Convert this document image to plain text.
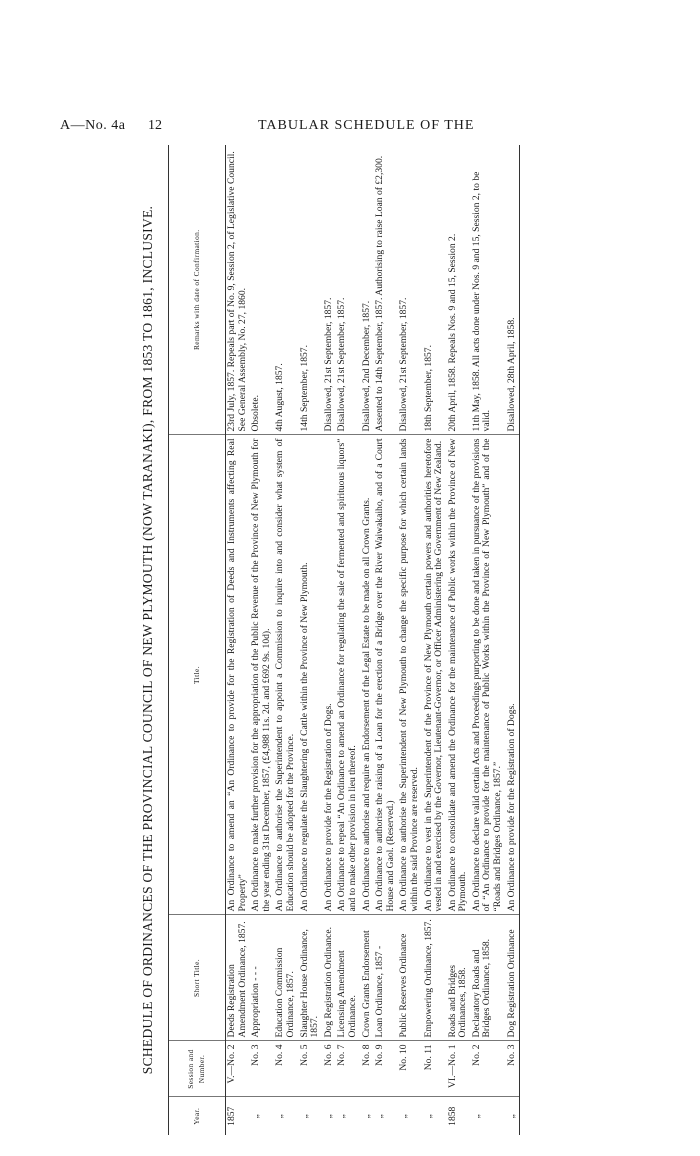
A—No. 4a 12	TABULAR SCHEDULE OF THE
SCHEDULE OF ORDINANCES OF THE PROVINCIAL COUNCIL OF NEW PLYMOUTH (NOW TARANAKI), FROM 1853 TO 1861, INCLUSIVE.
Year.	Session and Number.	Short Title.	Title.	Remarks with date of Confirmation.
1857	V.—No. 2	Deeds Registration Amendment Ordinance, 1857.	An Ordinance to amend an “An Ordinance to provide for the Registration of Deeds and Instruments affecting Real Property”	23rd July, 1857. Repeals part of No. 9, Session 2, of Legislative Council. See General Assembly, No. 27, 1860.
„	No. 3	Appropriation - - -	An Ordinance to make further provision for the appropriation of the Public Revenue of the Province of New Plymouth for the year ending 31st December, 1857, (£4,988 11s. 2d. and £692 9s. 10d).	Obsolete.
„	No. 4	Education Commission Ordinance, 1857.	An Ordinance to authorise the Superintendent to appoint a Commission to inquire into and consider what system of Education should be adopted for the Province.	4th August, 1857.
„	No. 5	Slaughter House Ordinance, 1857.	An Ordinance to regulate the Slaughtering of Cattle within the Province of New Plymouth.	14th September, 1857.
„	No. 6	Dog Registration Ordinance.	An Ordinance to provide for the Registration of Dogs.	Disallowed, 21st September, 1857.
„	No. 7	Licensing Amendment Ordinance.	An Ordinance to repeal “An Ordinance to amend an Ordinance for regulating the sale of fermented and spirituous liquors” and to make other provision in lieu thereof.	Disallowed, 21st September, 1857.
„	No. 8	Crown Grants Endorsement	An Ordinance to authorise and require an Endorsement of the Legal Estate to be made on all Crown Grants.	Disallowed, 2nd December, 1857.
„	No. 9	Loan Ordinance, 1857 -	An Ordinance to authorise the raising of a Loan for the erection of a Bridge over the River Waiwakaiho, and of a Court House and Gaol. (Reserved.)	Assented to 14th September, 1857. Authorising to raise Loan of £2,300.
„	No. 10	Public Reserves Ordinance	An Ordinance to authorise the Superintendent of New Plymouth to change the specific purpose for which certain lands within the said Province are reserved.	Disallowed, 21st September, 1857.
„	No. 11	Empowering Ordinance, 1857.	An Ordinance to vest in the Superintendent of the Province of New Plymouth certain powers and authorities heretofore vested in and exercised by the Governor, Lieutenant-Governor, or Officer Administering the Government of New Zealand.	18th September, 1857.
1858	VI.—No. 1	Roads and Bridges Ordinances, 1858.	An Ordinance to consolidate and amend the Ordinance for the maintenance of Public works within the Province of New Plymouth.	20th April, 1858. Repeals Nos. 9 and 15, Session 2.
„	No. 2	Declaratory Roads and Bridges Ordinance, 1858.	An Ordinance to declare valid certain Acts and Proceedings purporting to be done and taken in pursuance of the provisions of “An Ordinance to provide for the maintenance of Public Works within the Province of New Plymouth” and of the “Roads and Bridges Ordinance, 1857.”	11th May, 1858. All acts done under Nos. 9 and 15, Session 2, to be valid.
„	No. 3	Dog Registration Ordinance	An Ordinance to provide for the Registration of Dogs.	Disallowed, 28th April, 1858.
